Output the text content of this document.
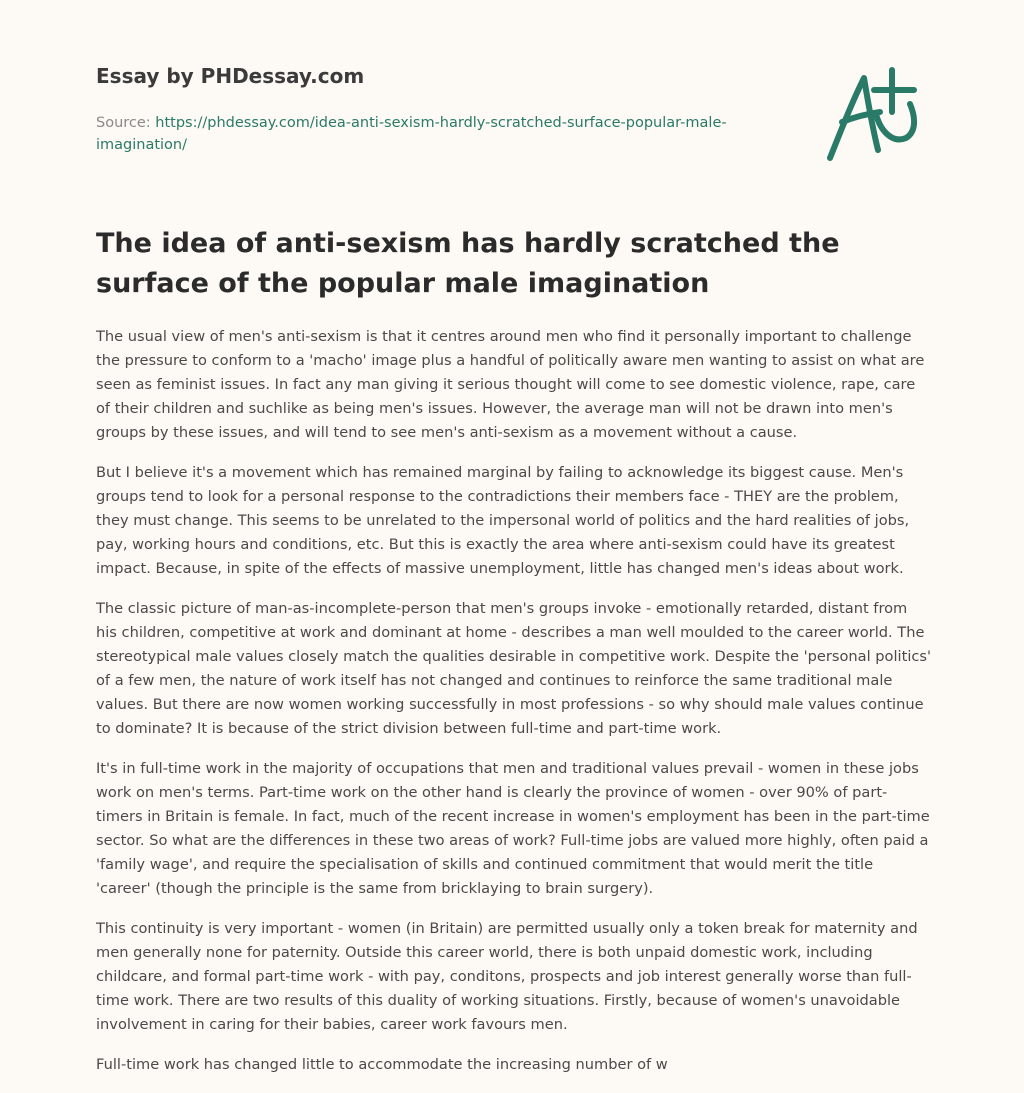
Essay by PHDessay.com
Source: https://phdessay.com/idea-anti-sexism-hardly-scratched-surface-popular-male-imagination/
The idea of anti-sexism has hardly scratched the surface of the popular male imagination

The usual view of men's anti-sexism is that it centres around men who find it personally important to challenge the pressure to conform to a 'macho' image plus a handful of politically aware men wanting to assist on what are seen as feminist issues. In fact any man giving it serious thought will come to see domestic violence, rape, care of their children and suchlike as being men's issues. However, the average man will not be drawn into men's groups by these issues, and will tend to see men's anti-sexism as a movement without a cause.

But I believe it's a movement which has remained marginal by failing to acknowledge its biggest cause. Men's groups tend to look for a personal response to the contradictions their members face - THEY are the problem, they must change. This seems to be unrelated to the impersonal world of politics and the hard realities of jobs, pay, working hours and conditions, etc. But this is exactly the area where anti-sexism could have its greatest impact. Because, in spite of the effects of massive unemployment, little has changed men's ideas about work.

The classic picture of man-as-incomplete-person that men's groups invoke - emotionally retarded, distant from his children, competitive at work and dominant at home - describes a man well moulded to the career world. The stereotypical male values closely match the qualities desirable in competitive work. Despite the 'personal politics' of a few men, the nature of work itself has not changed and continues to reinforce the same traditional male values. But there are now women working successfully in most professions - so why should male values continue to dominate? It is because of the strict division between full-time and part-time work.

It's in full-time work in the majority of occupations that men and traditional values prevail - women in these jobs work on men's terms. Part-time work on the other hand is clearly the province of women - over 90% of part-timers in Britain is female. In fact, much of the recent increase in women's employment has been in the part-time sector. So what are the differences in these two areas of work? Full-time jobs are valued more highly, often paid a 'family wage', and require the specialisation of skills and continued commitment that would merit the title 'career' (though the principle is the same from bricklaying to brain surgery).

This continuity is very important - women (in Britain) are permitted usually only a token break for maternity and men generally none for paternity. Outside this career world, there is both unpaid domestic work, including childcare, and formal part-time work - with pay, conditons, prospects and job interest generally worse than full-time work. There are two results of this duality of working situations. Firstly, because of women's unavoidable involvement in caring for their babies, career work favours men.

Full-time work has changed little to accommodate the increasing number of w
